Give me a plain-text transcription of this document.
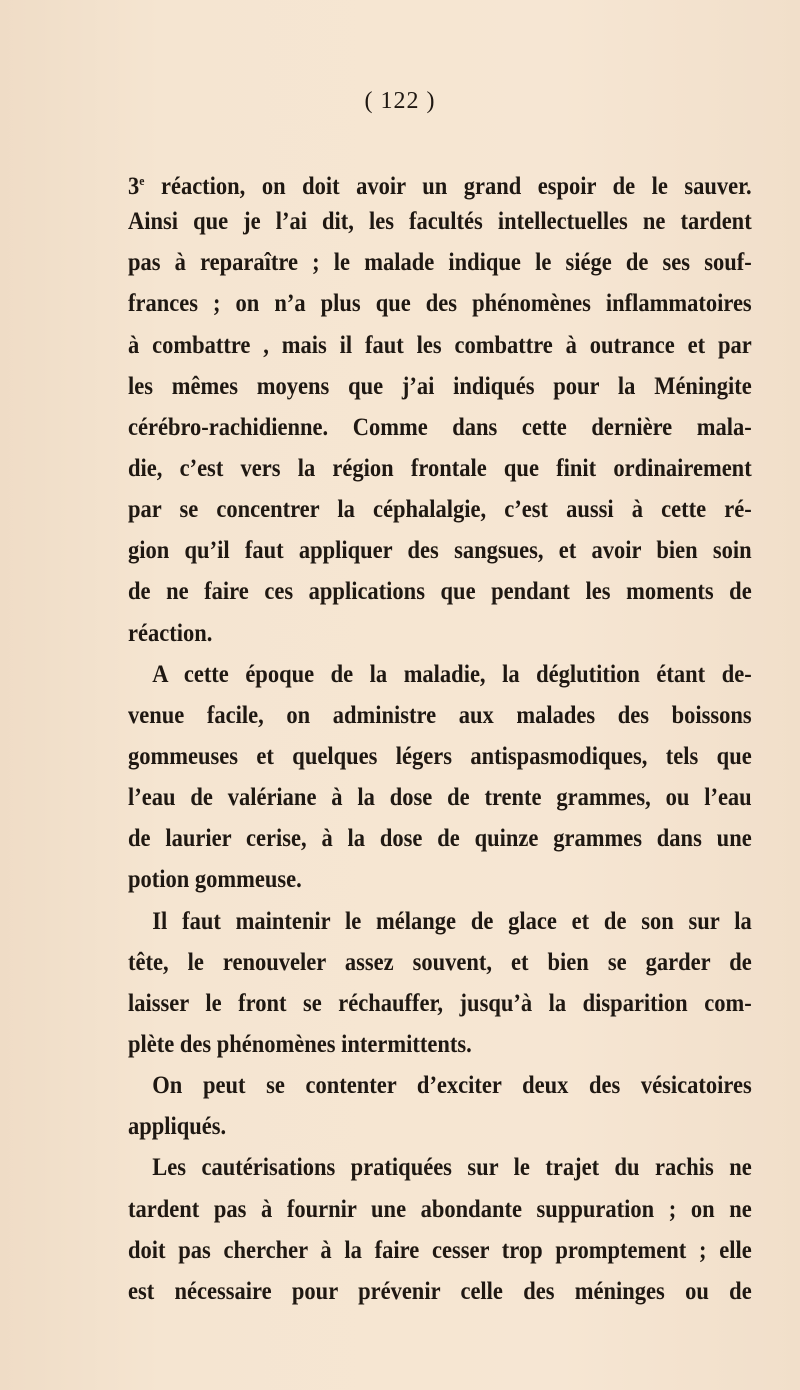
( 122 )
3e réaction, on doit avoir un grand espoir de le sauver.
Ainsi que je l’ai dit, les facultés intellectuelles ne tardent
pas à reparaître ; le malade indique le siége de ses souf-
frances ; on n’a plus que des phénomènes inflammatoires
à combattre , mais il faut les combattre à outrance et par
les mêmes moyens que j’ai indiqués pour la Méningite
cérébro-rachidienne. Comme dans cette dernière mala-
die, c’est vers la région frontale que finit ordinairement
par se concentrer la céphalalgie, c’est aussi à cette ré-
gion qu’il faut appliquer des sangsues, et avoir bien soin
de ne faire ces applications que pendant les moments de
réaction.
A cette époque de la maladie, la déglutition étant de-
venue facile, on administre aux malades des boissons
gommeuses et quelques légers antispasmodiques, tels que
l’eau de valériane à la dose de trente grammes, ou l’eau
de laurier cerise, à la dose de quinze grammes dans une
potion gommeuse.
Il faut maintenir le mélange de glace et de son sur la
tête, le renouveler assez souvent, et bien se garder de
laisser le front se réchauffer, jusqu’à la disparition com-
plète des phénomènes intermittents.
On peut se contenter d’exciter deux des vésicatoires
appliqués.
Les cautérisations pratiquées sur le trajet du rachis ne
tardent pas à fournir une abondante suppuration ; on ne
doit pas chercher à la faire cesser trop promptement ; elle
est nécessaire pour prévenir celle des méninges ou de
